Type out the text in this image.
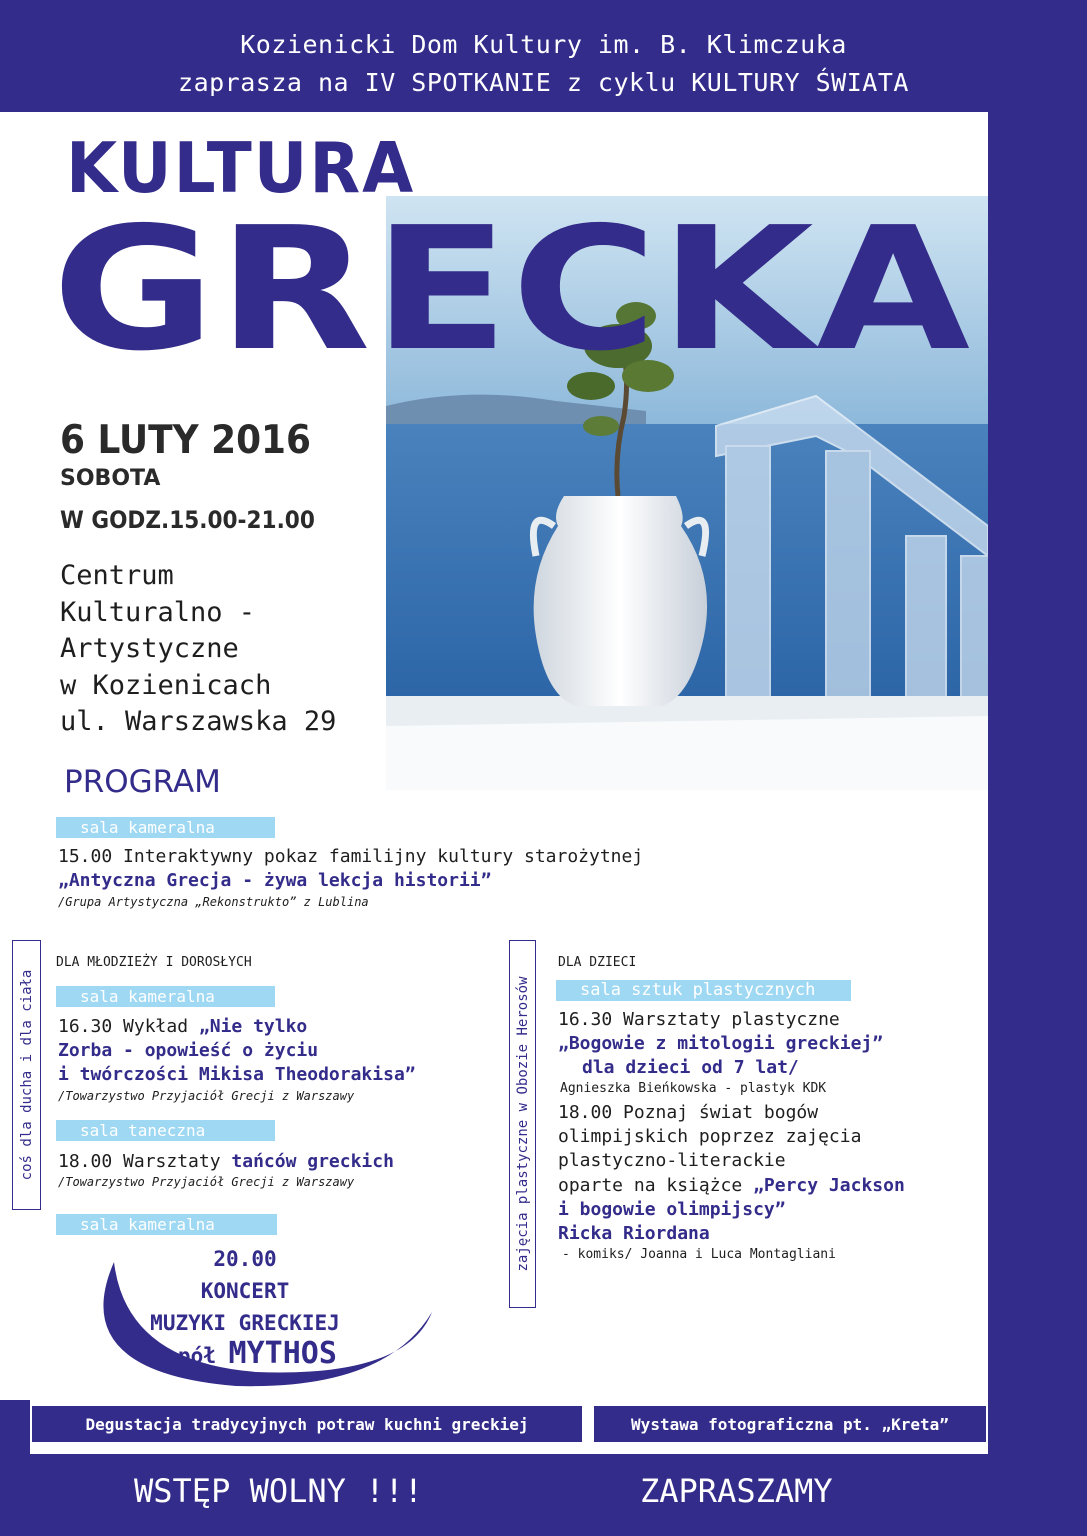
Kozienicki Dom Kultury im. B. Klimczuka
zaprasza na IV SPOTKANIE z cyklu KULTURY ŚWIATA
KULTURA
GRECKA
6 LUTY 2016
SOBOTA
W GODZ.15.00-21.00
Centrum
Kulturalno -
Artystyczne
w Kozienicach
ul. Warszawska 29
PROGRAM
sala kameralna
15.00 Interaktywny pokaz familijny kultury starożytnej
„Antyczna Grecja - żywa lekcja historii”
/Grupa Artystyczna „Rekonstrukto” z Lublina
coś dla ducha i dla ciała
DLA MŁODZIEŻY I DOROSŁYCH
sala kameralna
16.30 Wykład „Nie tylko
Zorba - opowieść o życiu
i twórczości Mikisa Theodorakisa”
/Towarzystwo Przyjaciół Grecji z Warszawy
sala taneczna
18.00 Warsztaty tańców greckich
/Towarzystwo Przyjaciół Grecji z Warszawy
sala kameralna
20.00
KONCERT
MUZYKI GRECKIEJ
zespół MYTHOS
zajęcia plastyczne w Obozie Herosów
DLA DZIECI
sala sztuk plastycznych
16.30 Warsztaty plastyczne
„Bogowie z mitologii greckiej”
dla dzieci od 7 lat/
Agnieszka Bieńkowska - plastyk KDK
18.00 Poznaj świat bogów
olimpijskich poprzez zajęcia
plastyczno-literackie
oparte na książce „Percy Jackson
i bogowie olimpijscy”
Ricka Riordana
- komiks/ Joanna i Luca Montagliani
Degustacja tradycyjnych potraw kuchni greckiej	Wystawa fotograficzna pt. „Kreta”
WSTĘP WOLNY !!!	ZAPRASZAMY
